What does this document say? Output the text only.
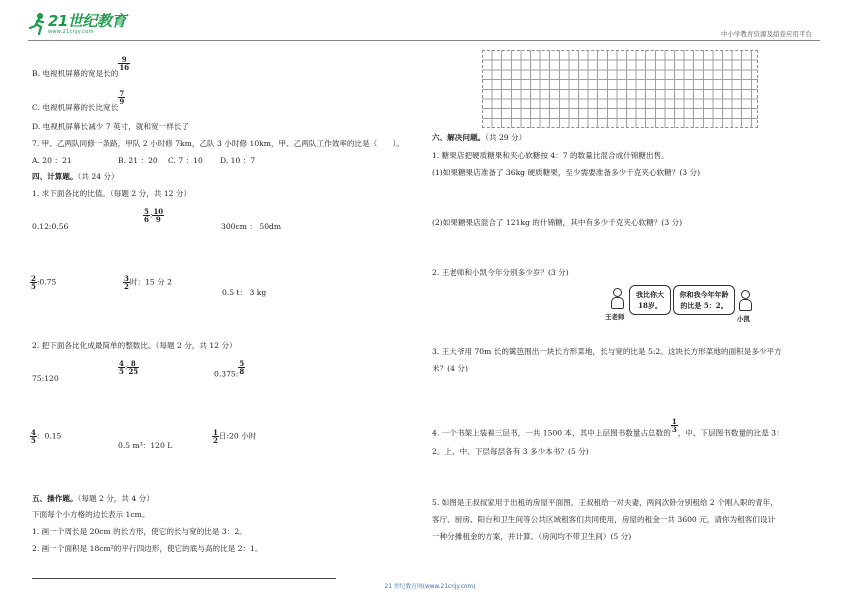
21世纪教育
www.21cnjy.com	中小学教育资源及组卷应用平台
B. 电视机屏幕的宽是长的
$\frac{9}{16}$
C. 电视机屏幕的长比宽长
$\frac{7}{9}$
D. 电视机屏幕长减少 7 英寸，就和宽一样长了
7. 甲、乙两队同修一条路，甲队 2 小时修 7km，乙队 3 小时修 10km，甲、乙两队工作效率的比是（　　）。
A. 20 ：21	B. 21 ：20 C. 7 ：10 D. 10 ：7
四、计算题。（共 24 分）
1. 求下面各比的比值。（每题 2 分，共 12 分）
0.12:0.56
$\frac{5}{6}$ : $\frac{10}{9}$
300cm ： 50dm
$\frac{2}{5}$ :0.75	$\frac{3}{2}$ 时：15 分 2
0.5 t： 3 kg
2. 把下面各比化成最简单的整数比。（每题 2 分，共 12 分）
75:120
$\frac{4}{5}$ : $\frac{8}{25}$	0.375: $\frac{5}{8}$
$\frac{4}{5}$ ：0.15
0.5 m³：120 L
$\frac{1}{2}$ 日:20 小时
五、操作题。（每题 2 分，共 4 分）
下面每个小方格的边长表示 1cm。
1. 画一个周长是 20cm 的长方形，使它的长与宽的比是 3：2。
2. 画一个面积是 18cm²的平行四边形，使它的底与高的比是 2：1。
六、解决问题。（共 29 分）
1. 糖果店把硬质糖果和夹心软糖按 4：7 的数量比混合成什锦糖出售。
(1)如果糖果店准备了 36kg 硬质糖果，至少需要准备多少千克夹心软糖？(3 分)
(2)如果糖果店混合了 121kg 的什锦糖，其中有多少千克夹心软糖？(3 分)
2. 王老师和小凯今年分别多少岁？(3 分)
我比你大 18岁。
你和我今年年龄的比是 5：2。
王老师	小凯
3. 王大爷用 70m 长的篱笆围出一块长方形菜地，长与宽的比是 5:2。这块长方形菜地的面积是多少平方
米？(4 分)
4. 一个书架上装着三层书，一共 1500 本，其中上层图书数量占总数的 $\frac{1}{3}$ ，中、下层图书数量的比是 3：
2。上、中、下层每层各有 3 多少本书？(5 分)
5. 如图是王叔叔家用于出租的房屋平面图，王叔租给一对夫妻，两间次卧分别租给 2 个刚入职的青年，
客厅、厨房、阳台和卫生间等公共区域租客们共同使用，房屋的租金一共 3600 元，请你为租客们设计
一种分摊租金的方案，并计算。（房间均不带卫生间）(5 分)
21 世纪教育网(www.21cnjy.com)
